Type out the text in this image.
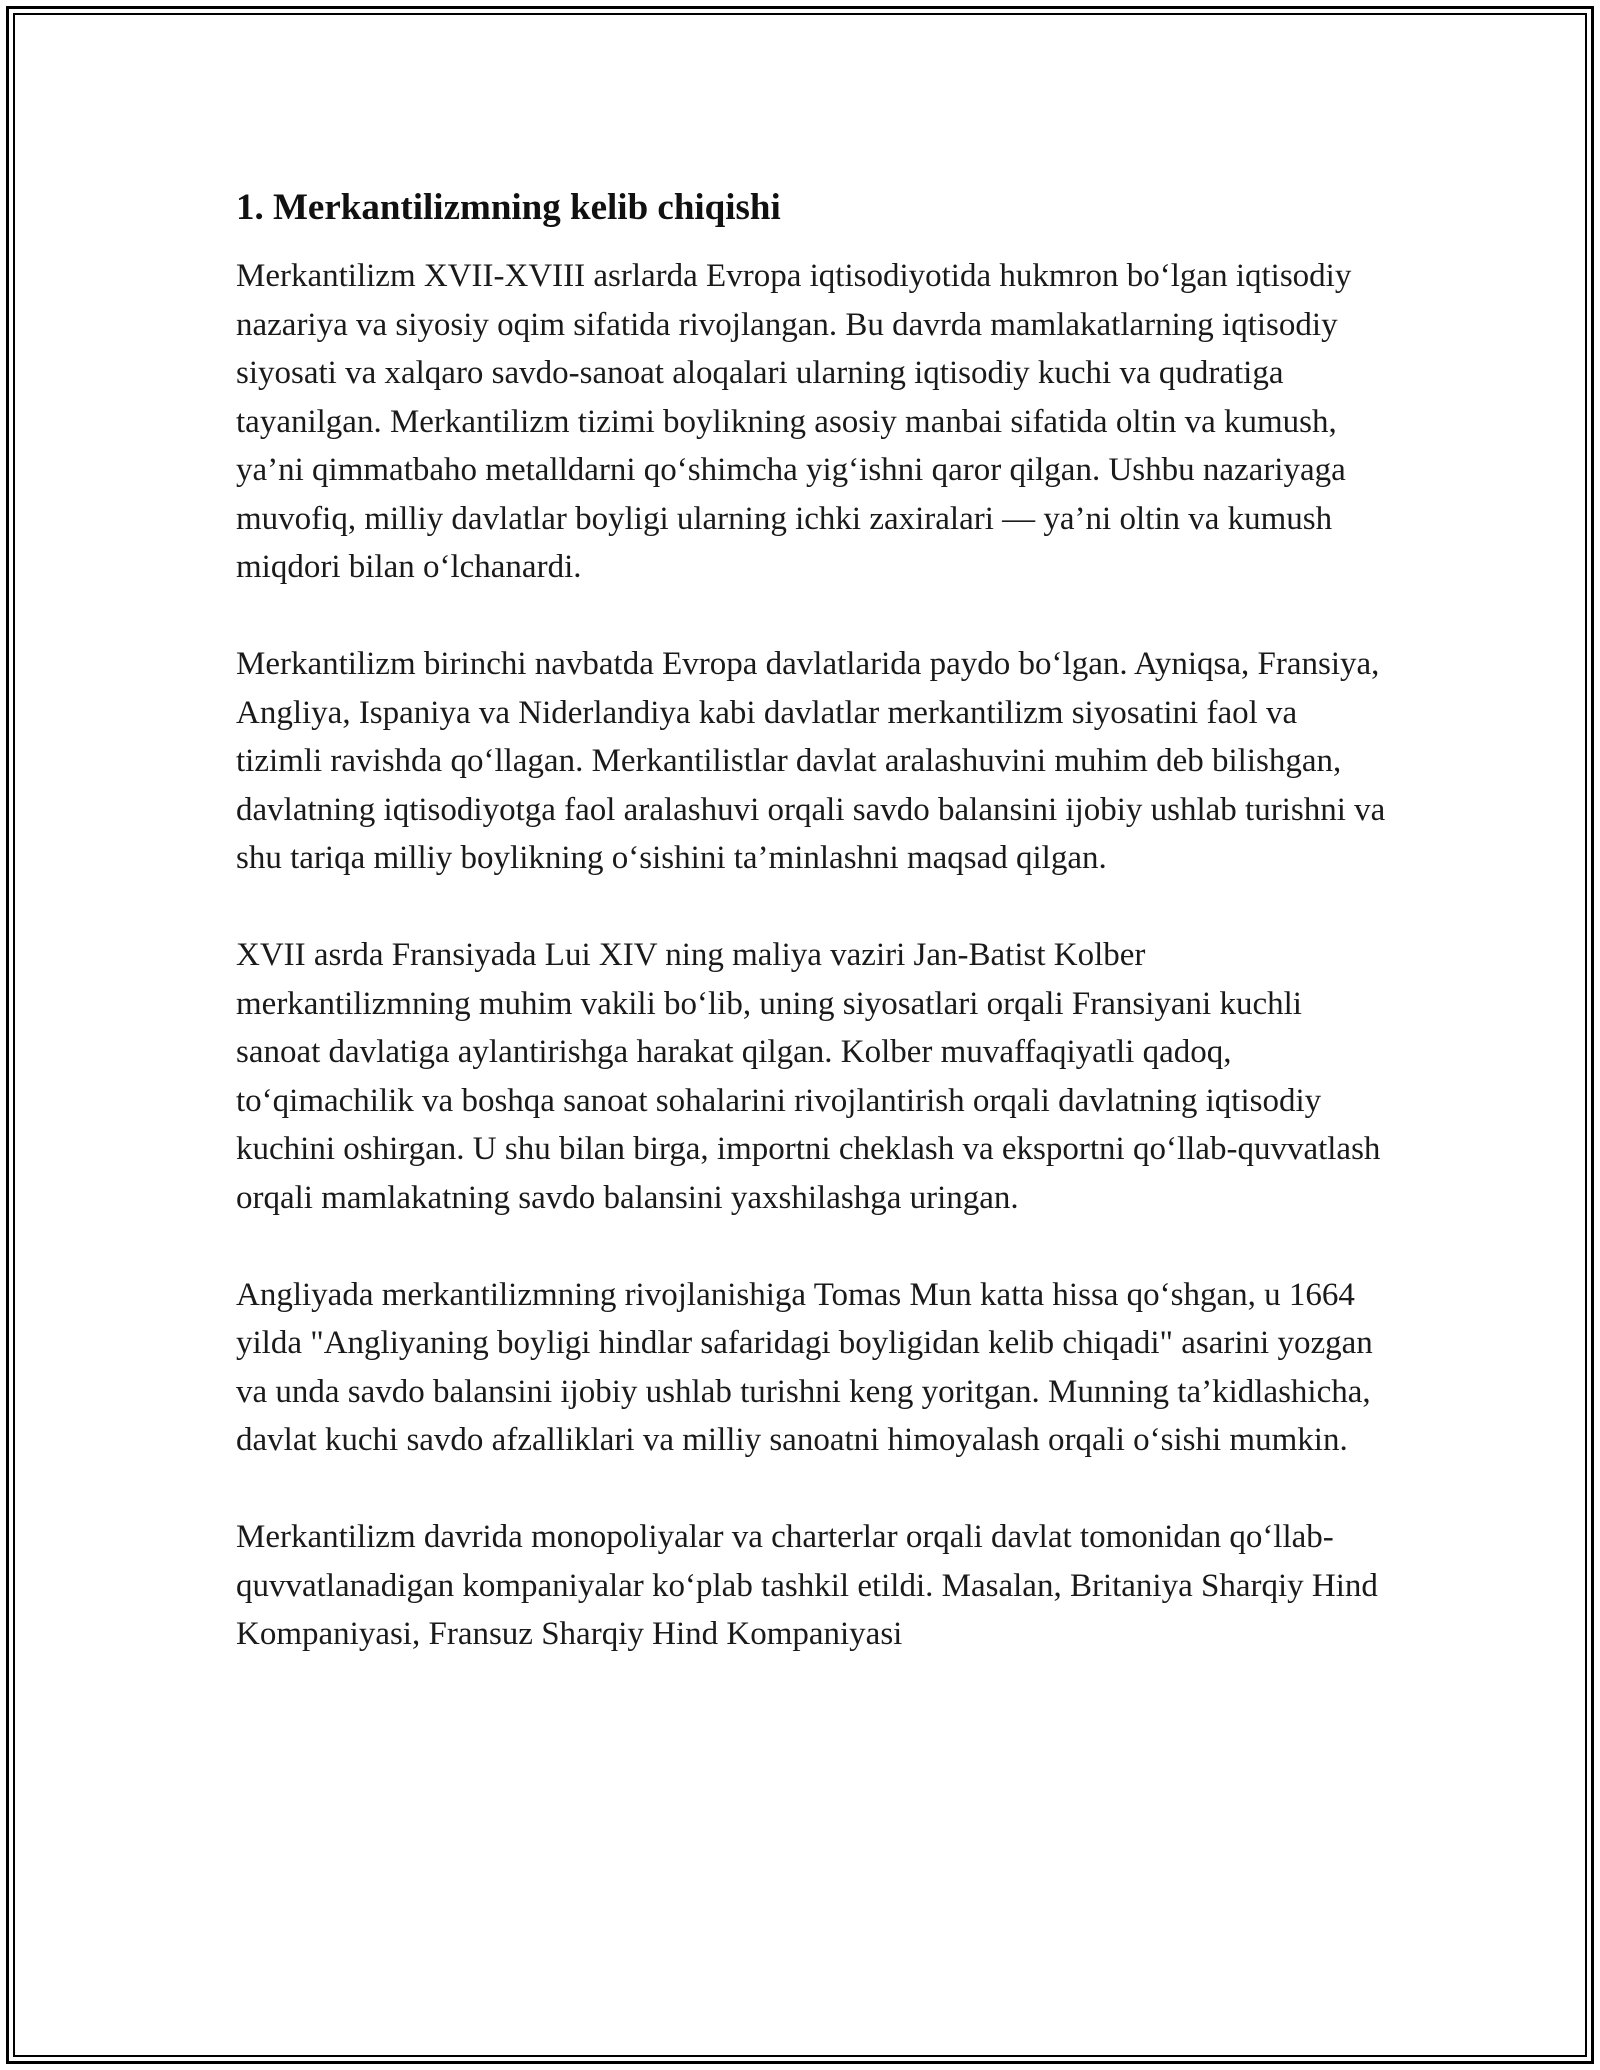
1. Merkantilizmning kelib chiqishi

Merkantilizm XVII-XVIII asrlarda Evropa iqtisodiyotida hukmron bo‘lgan iqtisodiy nazariya va siyosiy oqim sifatida rivojlangan. Bu davrda mamlakatlarning iqtisodiy siyosati va xalqaro savdo-sanoat aloqalari ularning iqtisodiy kuchi va qudratiga tayanilgan. Merkantilizm tizimi boylikning asosiy manbai sifatida oltin va kumush, ya’ni qimmatbaho metalldarni qo‘shimcha yig‘ishni qaror qilgan. Ushbu nazariyaga muvofiq, milliy davlatlar boyligi ularning ichki zaxiralari — ya’ni oltin va kumush miqdori bilan o‘lchanardi.

Merkantilizm birinchi navbatda Evropa davlatlarida paydo bo‘lgan. Ayniqsa, Fransiya, Angliya, Ispaniya va Niderlandiya kabi davlatlar merkantilizm siyosatini faol va tizimli ravishda qo‘llagan. Merkantilistlar davlat aralashuvini muhim deb bilishgan, davlatning iqtisodiyotga faol aralashuvi orqali savdo balansini ijobiy ushlab turishni va shu tariqa milliy boylikning o‘sishini ta’minlashni maqsad qilgan.

XVII asrda Fransiyada Lui XIV ning maliya vaziri Jan-Batist Kolber merkantilizmning muhim vakili bo‘lib, uning siyosatlari orqali Fransiyani kuchli sanoat davlatiga aylantirishga harakat qilgan. Kolber muvaffaqiyatli qadoq, to‘qimachilik va boshqa sanoat sohalarini rivojlantirish orqali davlatning iqtisodiy kuchini oshirgan. U shu bilan birga, importni cheklash va eksportni qo‘llab-quvvatlash orqali mamlakatning savdo balansini yaxshilashga uringan.

Angliyada merkantilizmning rivojlanishiga Tomas Mun katta hissa qo‘shgan, u 1664 yilda "Angliyaning boyligi hindlar safaridagi boyligidan kelib chiqadi" asarini yozgan va unda savdo balansini ijobiy ushlab turishni keng yoritgan. Munning ta’kidlashicha, davlat kuchi savdo afzalliklari va milliy sanoatni himoyalash orqali o‘sishi mumkin.

Merkantilizm davrida monopoliyalar va charterlar orqali davlat tomonidan qo‘llab-quvvatlanadigan kompaniyalar ko‘plab tashkil etildi. Masalan, Britaniya Sharqiy Hind Kompaniyasi, Fransuz Sharqiy Hind Kompaniyasi
